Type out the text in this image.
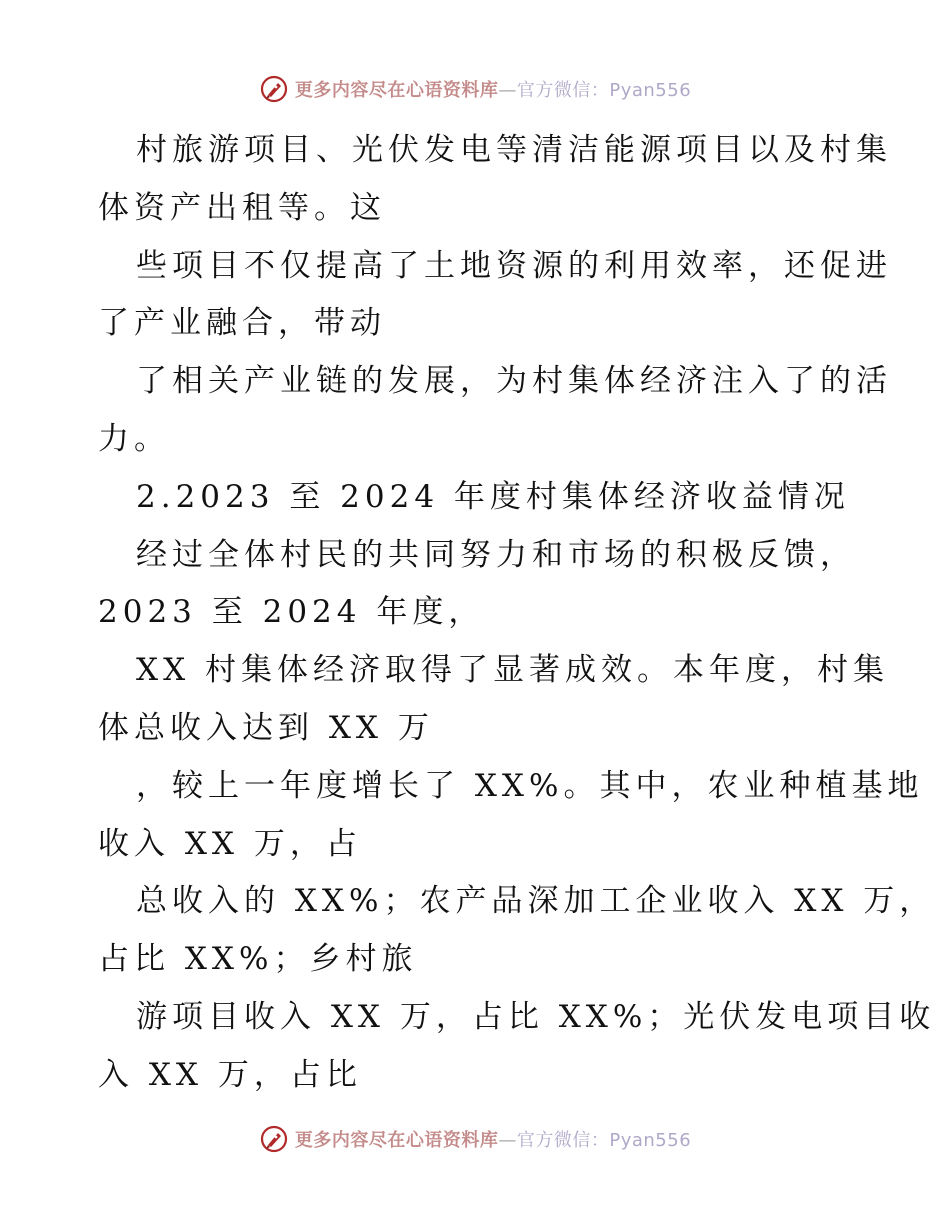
更多内容尽在心语资料库—官方微信：Pyan556
村旅游项目、光伏发电等清洁能源项目以及村集
体资产出租等。这
些项目不仅提高了土地资源的利用效率，还促进
了产业融合，带动
了相关产业链的发展，为村集体经济注入了的活
力。
2.2023 至 2024 年度村集体经济收益情况
经过全体村民的共同努力和市场的积极反馈，
2023 至 2024 年度，
XX 村集体经济取得了显著成效。本年度，村集
体总收入达到 XX 万
，较上一年度增长了 XX%。其中，农业种植基地
收入 XX 万，占
总收入的 XX%；农产品深加工企业收入 XX 万，
占比 XX%；乡村旅
游项目收入 XX 万，占比 XX%；光伏发电项目收
入 XX 万，占比
更多内容尽在心语资料库—官方微信：Pyan556
